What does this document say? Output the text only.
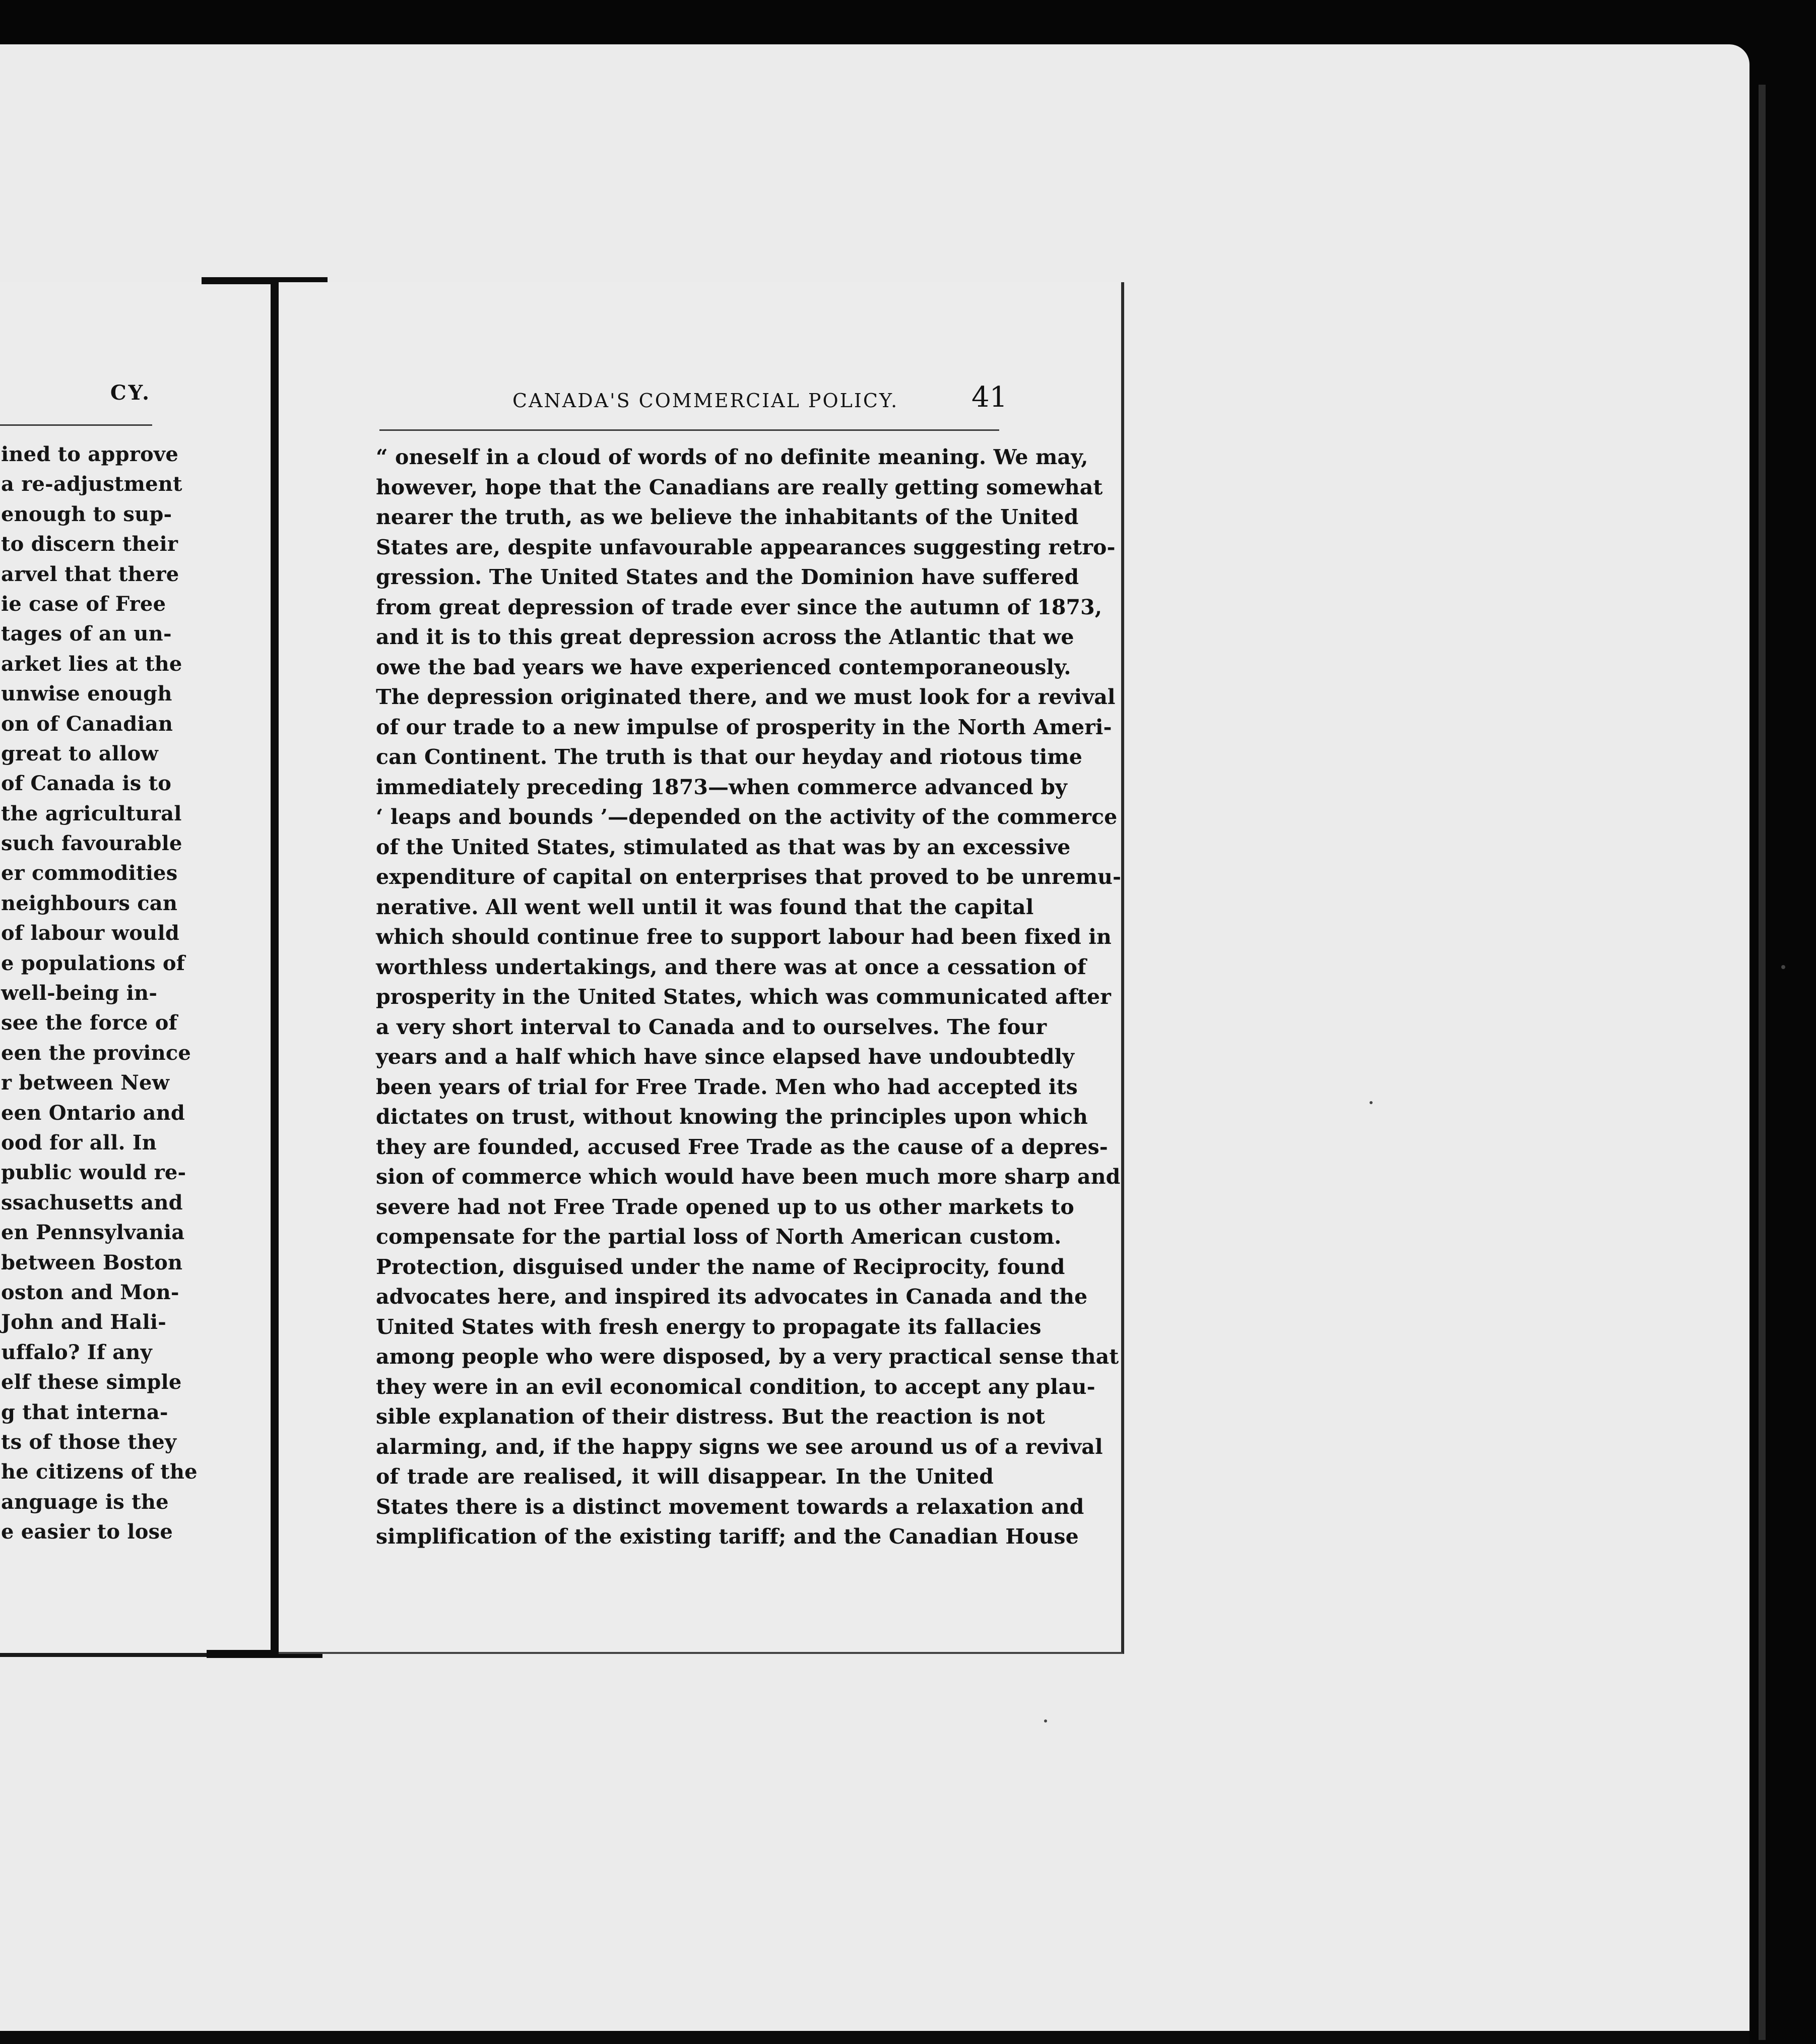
CY.
ined to approve
a re-adjustment
enough to sup-
to discern their
arvel that there
ie case of Free
tages of an un-
arket lies at the
unwise enough
on of Canadian
great to allow
of Canada is to
the agricultural
such favourable
er commodities
neighbours can
of labour would
e populations of
well-being in-
see the force of
een the province
r between New
een Ontario and
ood for all. In
public would re-
ssachusetts and
en Pennsylvania
between Boston
oston and Mon-
John and Hali-
uffalo? If any
elf these simple
g that interna-
ts of those they
he citizens of the
anguage is the
e easier to lose
CANADA'S COMMERCIAL POLICY.	41
“ oneself in a cloud of words of no definite meaning. We may,
however, hope that the Canadians are really getting somewhat
nearer the truth, as we believe the inhabitants of the United
States are, despite unfavourable appearances suggesting retro-
gression. The United States and the Dominion have suffered
from great depression of trade ever since the autumn of 1873,
and it is to this great depression across the Atlantic that we
owe the bad years we have experienced contemporaneously.
The depression originated there, and we must look for a revival
of our trade to a new impulse of prosperity in the North Ameri-
can Continent. The truth is that our heyday and riotous time
immediately preceding 1873—when commerce advanced by
‘ leaps and bounds ’—depended on the activity of the commerce
of the United States, stimulated as that was by an excessive
expenditure of capital on enterprises that proved to be unremu-
nerative. All went well until it was found that the capital
which should continue free to support labour had been fixed in
worthless undertakings, and there was at once a cessation of
prosperity in the United States, which was communicated after
a very short interval to Canada and to ourselves. The four
years and a half which have since elapsed have undoubtedly
been years of trial for Free Trade. Men who had accepted its
dictates on trust, without knowing the principles upon which
they are founded, accused Free Trade as the cause of a depres-
sion of commerce which would have been much more sharp and
severe had not Free Trade opened up to us other markets to
compensate for the partial loss of North American custom.
Protection, disguised under the name of Reciprocity, found
advocates here, and inspired its advocates in Canada and the
United States with fresh energy to propagate its fallacies
among people who were disposed, by a very practical sense that
they were in an evil economical condition, to accept any plau-
sible explanation of their distress. But the reaction is not
alarming, and, if the happy signs we see around us of a revival
of trade are realised, it will disappear. In the United
States there is a distinct movement towards a relaxation and
simplification of the existing tariff; and the Canadian House
